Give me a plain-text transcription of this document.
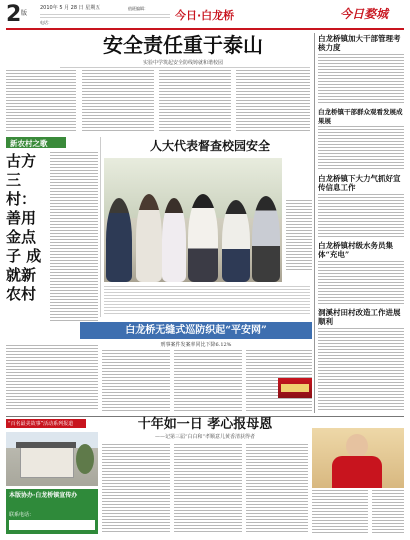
2 版
2010年 5 月 28 日 星期五	值班编辑：
电话：
今日·白龙桥	今日婺城
安全责任重于泰山
实验中学筑起安全防线铸就和谐校园
新农村之歌
古方三村：善用金点子 成就新农村
人大代表督查校园安全
白龙桥无缝式巡防织起“平安网”
刑事案件发案率同比下降6.12%
白龙桥镇加大干部管理考核力度
白龙桥镇干部群众观看发展成果展
白龙桥镇下大力气抓好宣传信息工作
白龙桥镇村级水务员集体“充电”
洞溪村田村改造工作进展顺利
“百名最美故事”活动系列报道	十年如一日 孝心报母恩
——记第三届“白白和”孝顺意儿黄香清获得者
本版协办·白龙桥镇宣传办
联系电话：
